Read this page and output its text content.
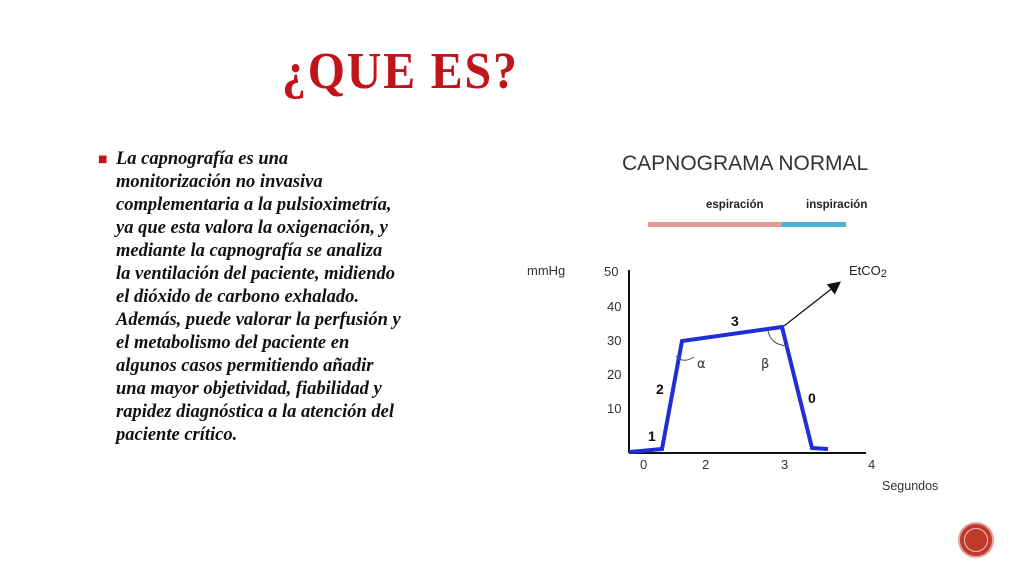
¿QUE ES?
■ La capnografía es una
monitorización no invasiva
complementaria a la pulsioximetría,
ya que esta valora la oxigenación, y
mediante la capnografía se analiza
la ventilación del paciente, midiendo
el dióxido de carbono exhalado.
Además, puede valorar la perfusión y
el metabolismo del paciente en
algunos casos permitiendo añadir
una mayor objetividad, fiabilidad y
rapidez diagnóstica a la atención del
paciente crítico.

CAPNOGRAMA NORMAL
espiración	inspiración
mmHg	50
40
30
20
10
0	2	3	4
Segundos
EtCO2
1
2
3
0
α	β
